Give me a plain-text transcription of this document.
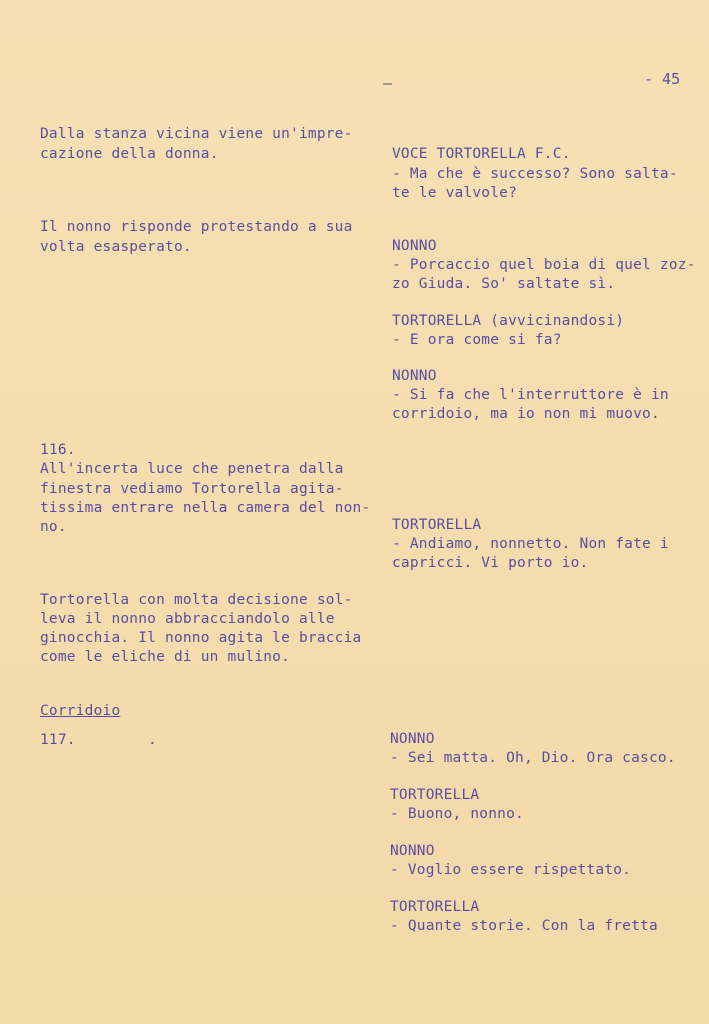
–	- 45
Dalla stanza vicina viene un'impre-
cazione della donna.
Il nonno risponde protestando a sua
volta esasperato.
116.
All'incerta luce che penetra dalla
finestra vediamo Tortorella agita-
tissima entrare nella camera del non-
no.
Tortorella con molta decisione sol-
leva il nonno abbracciandolo alle
ginocchia. Il nonno agita le braccia
come le eliche di un mulino.
Corridoio
117.	.
VOCE TORTORELLA F.C.
- Ma che è successo? Sono salta-
te le valvole?
NONNO
- Porcaccio quel boia di quel zoz-
zo Giuda. So' saltate sì.
TORTORELLA (avvicinandosi)
- E ora come si fa?
NONNO
- Si fa che l'interruttore è in
corridoio, ma io non mi muovo.
TORTORELLA
- Andiamo, nonnetto. Non fate i
capricci. Vi porto io.
NONNO
- Sei matta. Oh, Dio. Ora casco.
TORTORELLA
- Buono, nonno.
NONNO
- Voglio essere rispettato.
TORTORELLA
- Quante storie. Con la fretta
